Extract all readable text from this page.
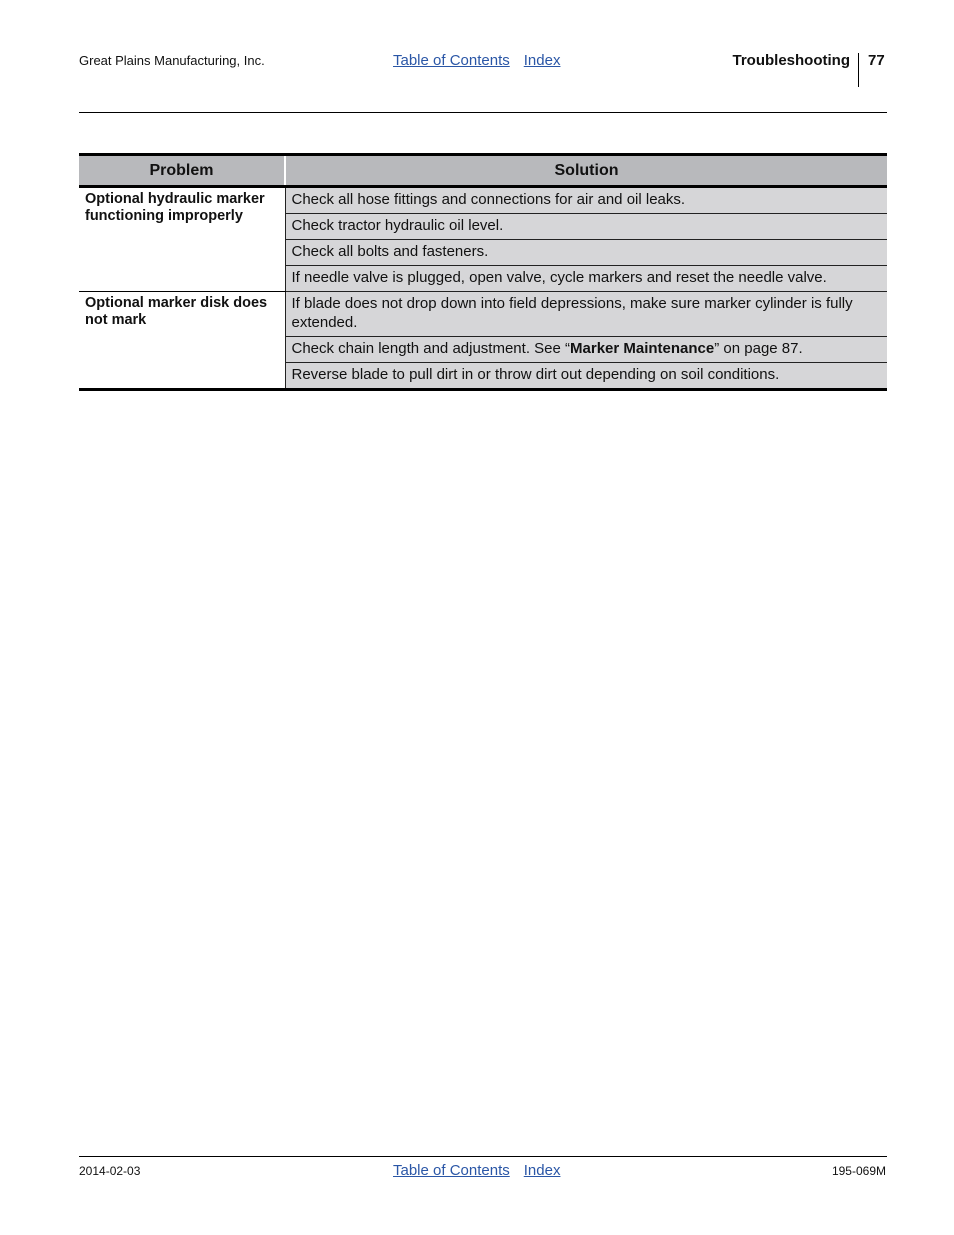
Great Plains Manufacturing, Inc.	Table of Contents Index	Troubleshooting 77
Problem	Solution
Optional hydraulic marker functioning improperly	Check all hose fittings and connections for air and oil leaks.
	Check tractor hydraulic oil level.
	Check all bolts and fasteners.
	If needle valve is plugged, open valve, cycle markers and reset the needle valve.
Optional marker disk does not mark	If blade does not drop down into field depressions, make sure marker cylinder is fully extended.
	Check chain length and adjustment. See “Marker Maintenance” on page 87.
	Reverse blade to pull dirt in or throw dirt out depending on soil conditions.
2014-02-03	Table of Contents Index	195-069M
